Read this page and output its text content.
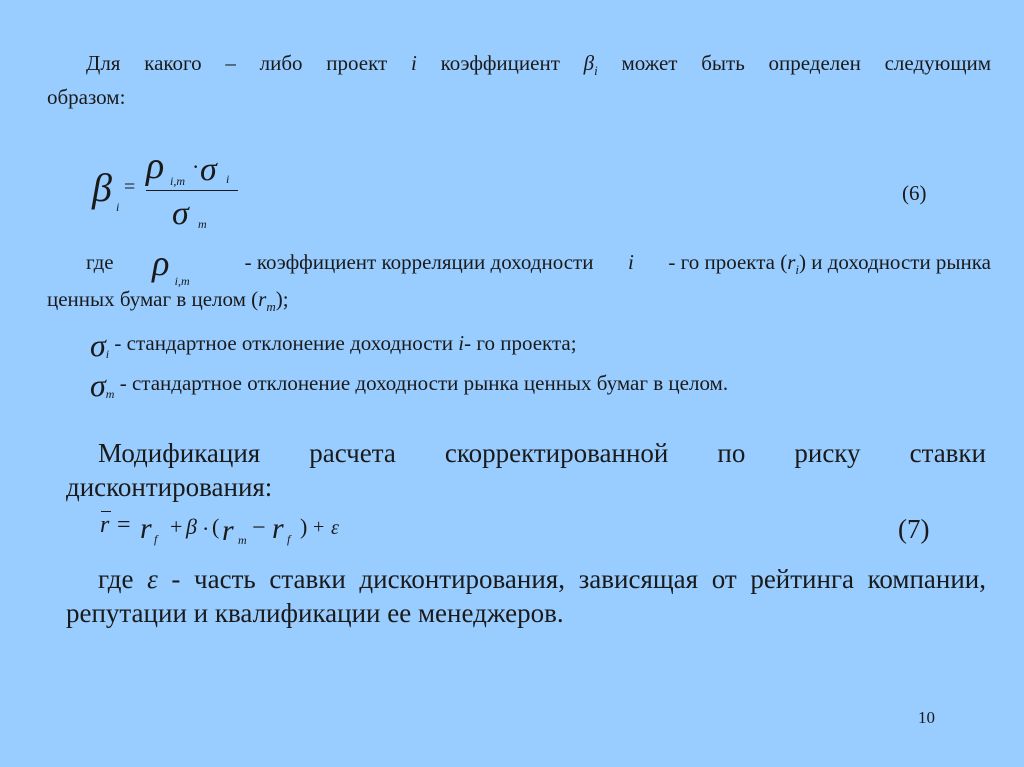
Для какого – либо проект i коэффициент $\beta_i$ может быть определен следующим
образом:
β i
= ρ i,m
· σ i
σ m
(6)
где ρ $_{i,m}$
- коэффициент корреляции доходности i - го проекта $(r_i)$ и доходности рынка
ценных бумаг в целом $(r_m)$;
$\sigma_i$ - стандартное отклонение доходности i- го проекта;
$\sigma_m$ - стандартное отклонение доходности рынка ценных бумаг в целом.
Модификация расчета скорректированной по риску ставки
дисконтирования:
r = r f + β · ( r m − r f ) + ε	(7)
где ε - часть ставки дисконтирования, зависящая от рейтинга компании,
репутации и квалификации ее менеджеров.
10
